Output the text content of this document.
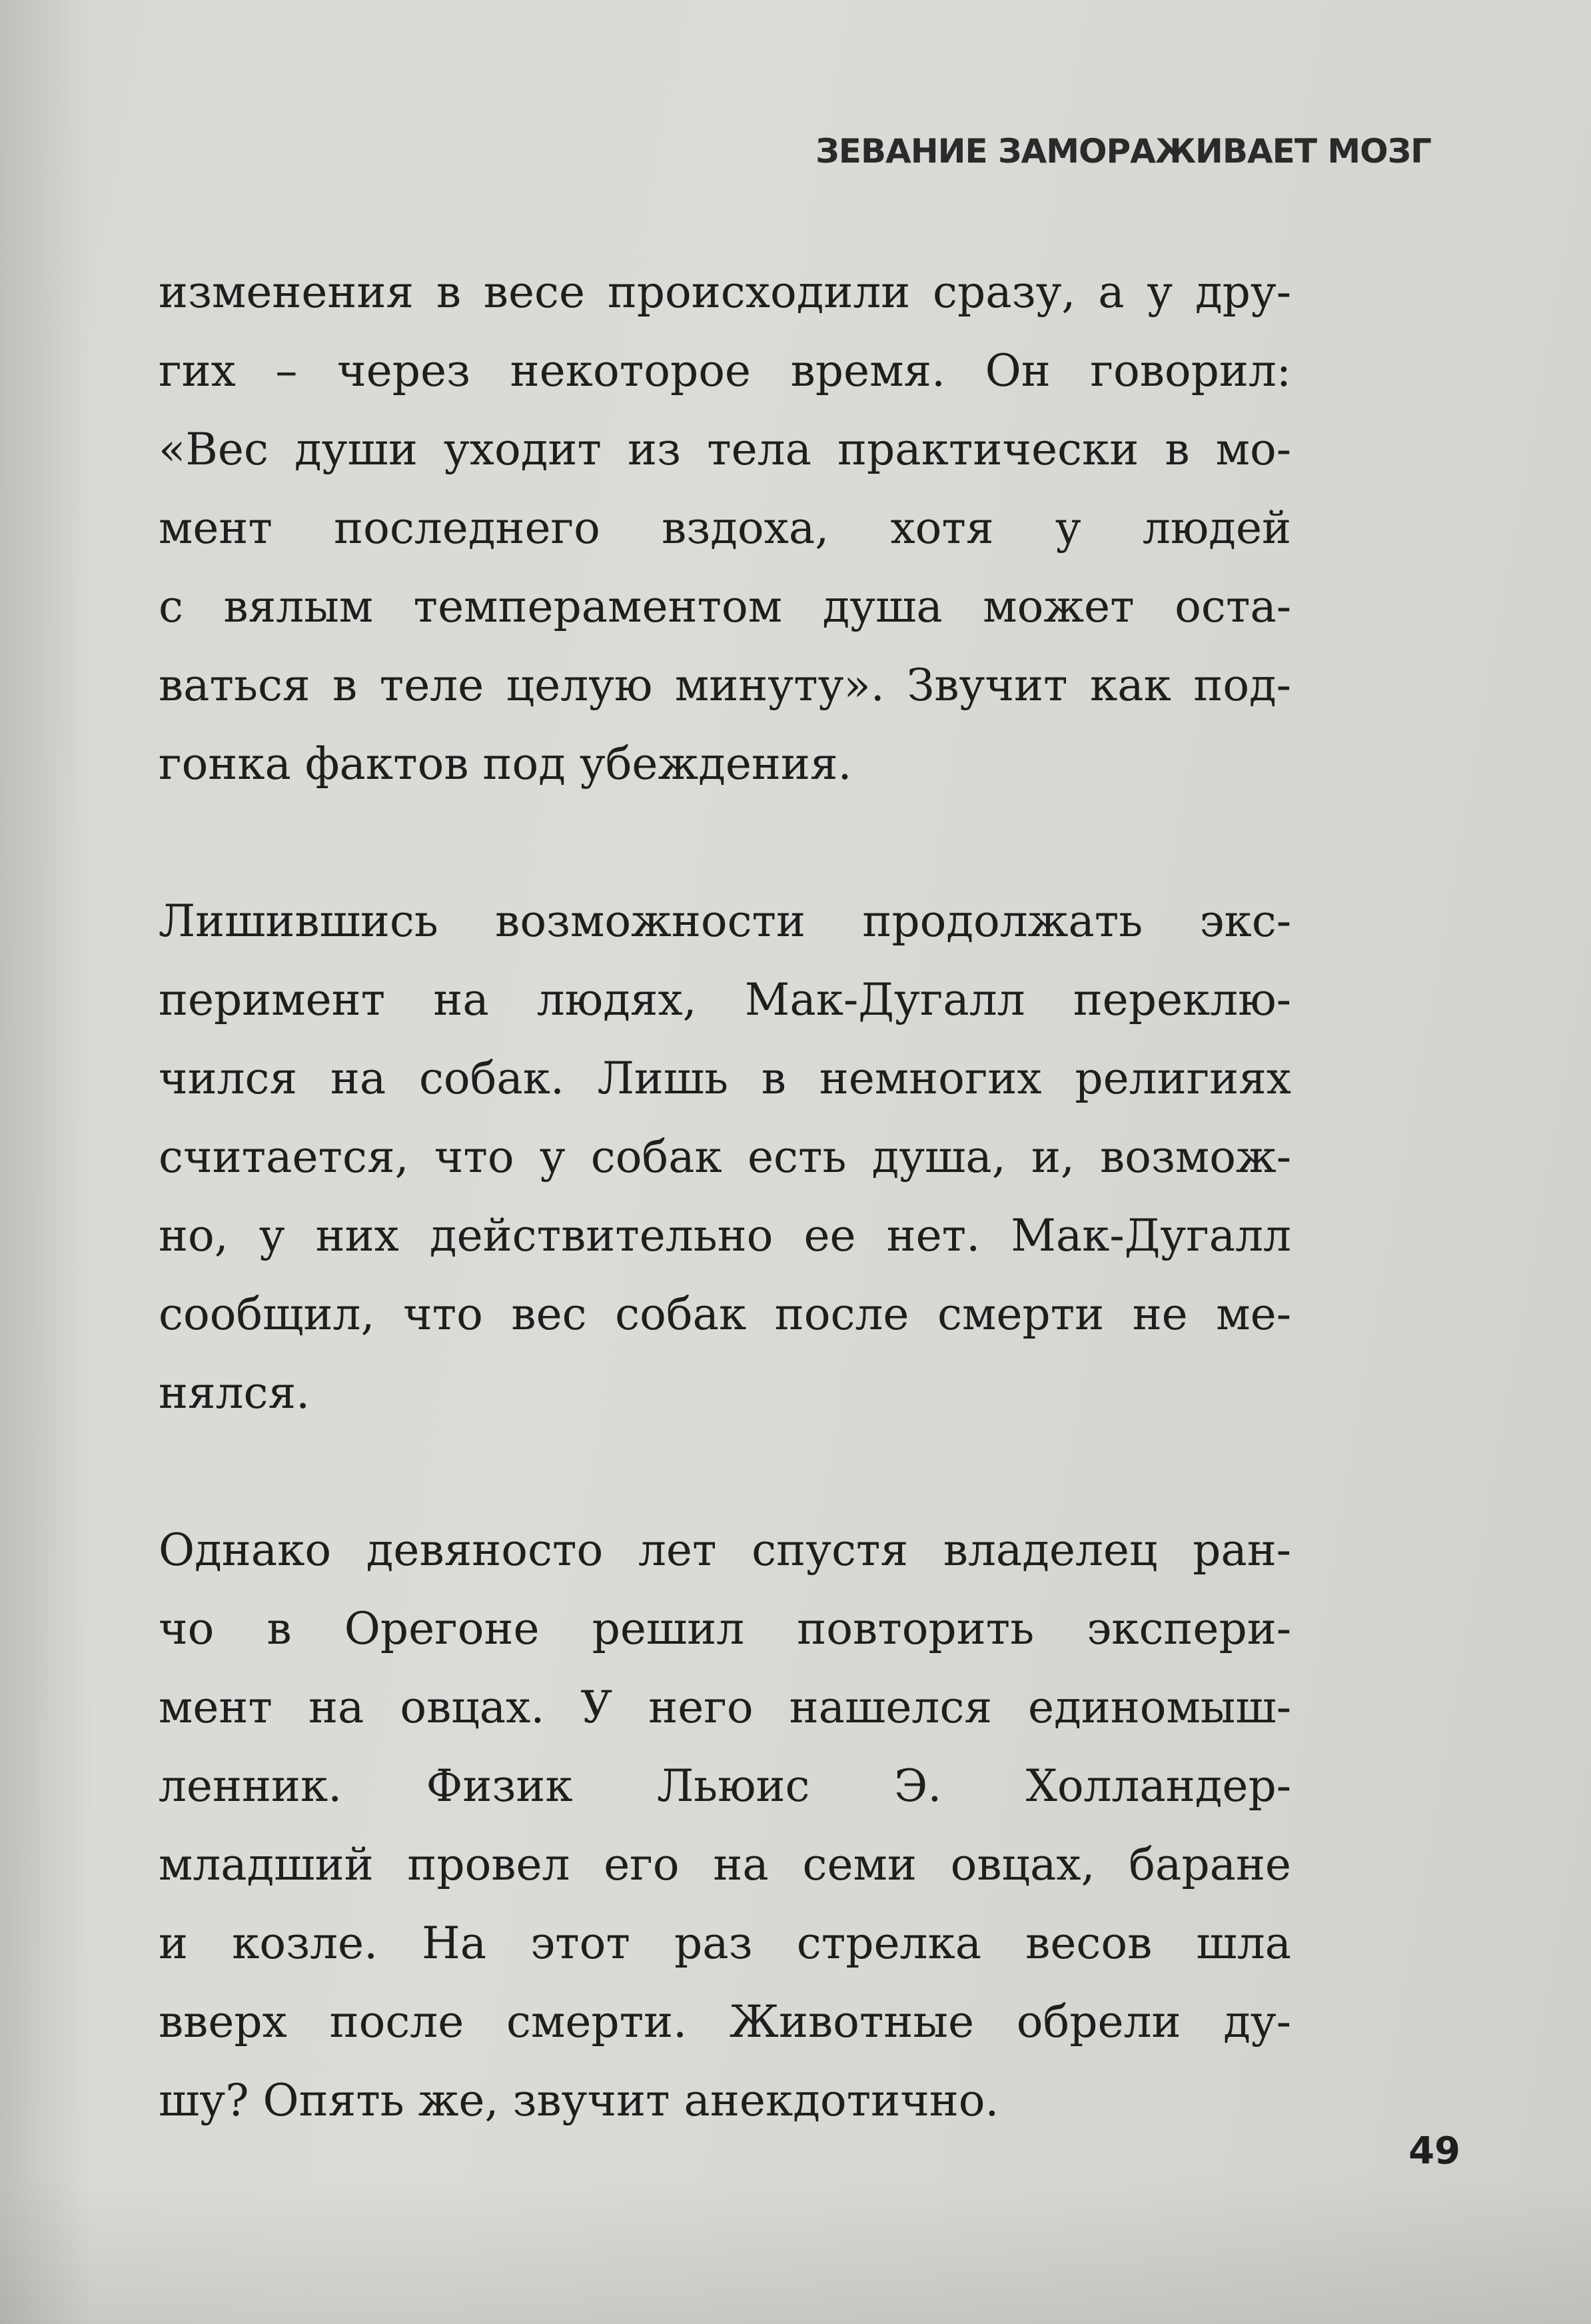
ЗЕВАНИЕ ЗАМОРАЖИВАЕТ МОЗГ

изменения в весе происходили сразу, а у дру-
гих – через некоторое время. Он говорил:
«Вес души уходит из тела практически в мо-
мент последнего вздоха, хотя у людей
с вялым темпераментом душа может оста-
ваться в теле целую минуту». Звучит как под-
гонка фактов под убеждения.

Лишившись возможности продолжать экс-
перимент на людях, Мак-Дугалл переклю-
чился на собак. Лишь в немногих религиях
считается, что у собак есть душа, и, возмож-
но, у них действительно ее нет. Мак-Дугалл
сообщил, что вес собак после смерти не ме-
нялся.

Однако девяносто лет спустя владелец ран-
чо в Орегоне решил повторить экспери-
мент на овцах. У него нашелся единомыш-
ленник. Физик Льюис Э. Холландер-
младший провел его на семи овцах, баране
и козле. На этот раз стрелка весов шла
вверх после смерти. Животные обрели ду-
шу? Опять же, звучит анекдотично.

49
